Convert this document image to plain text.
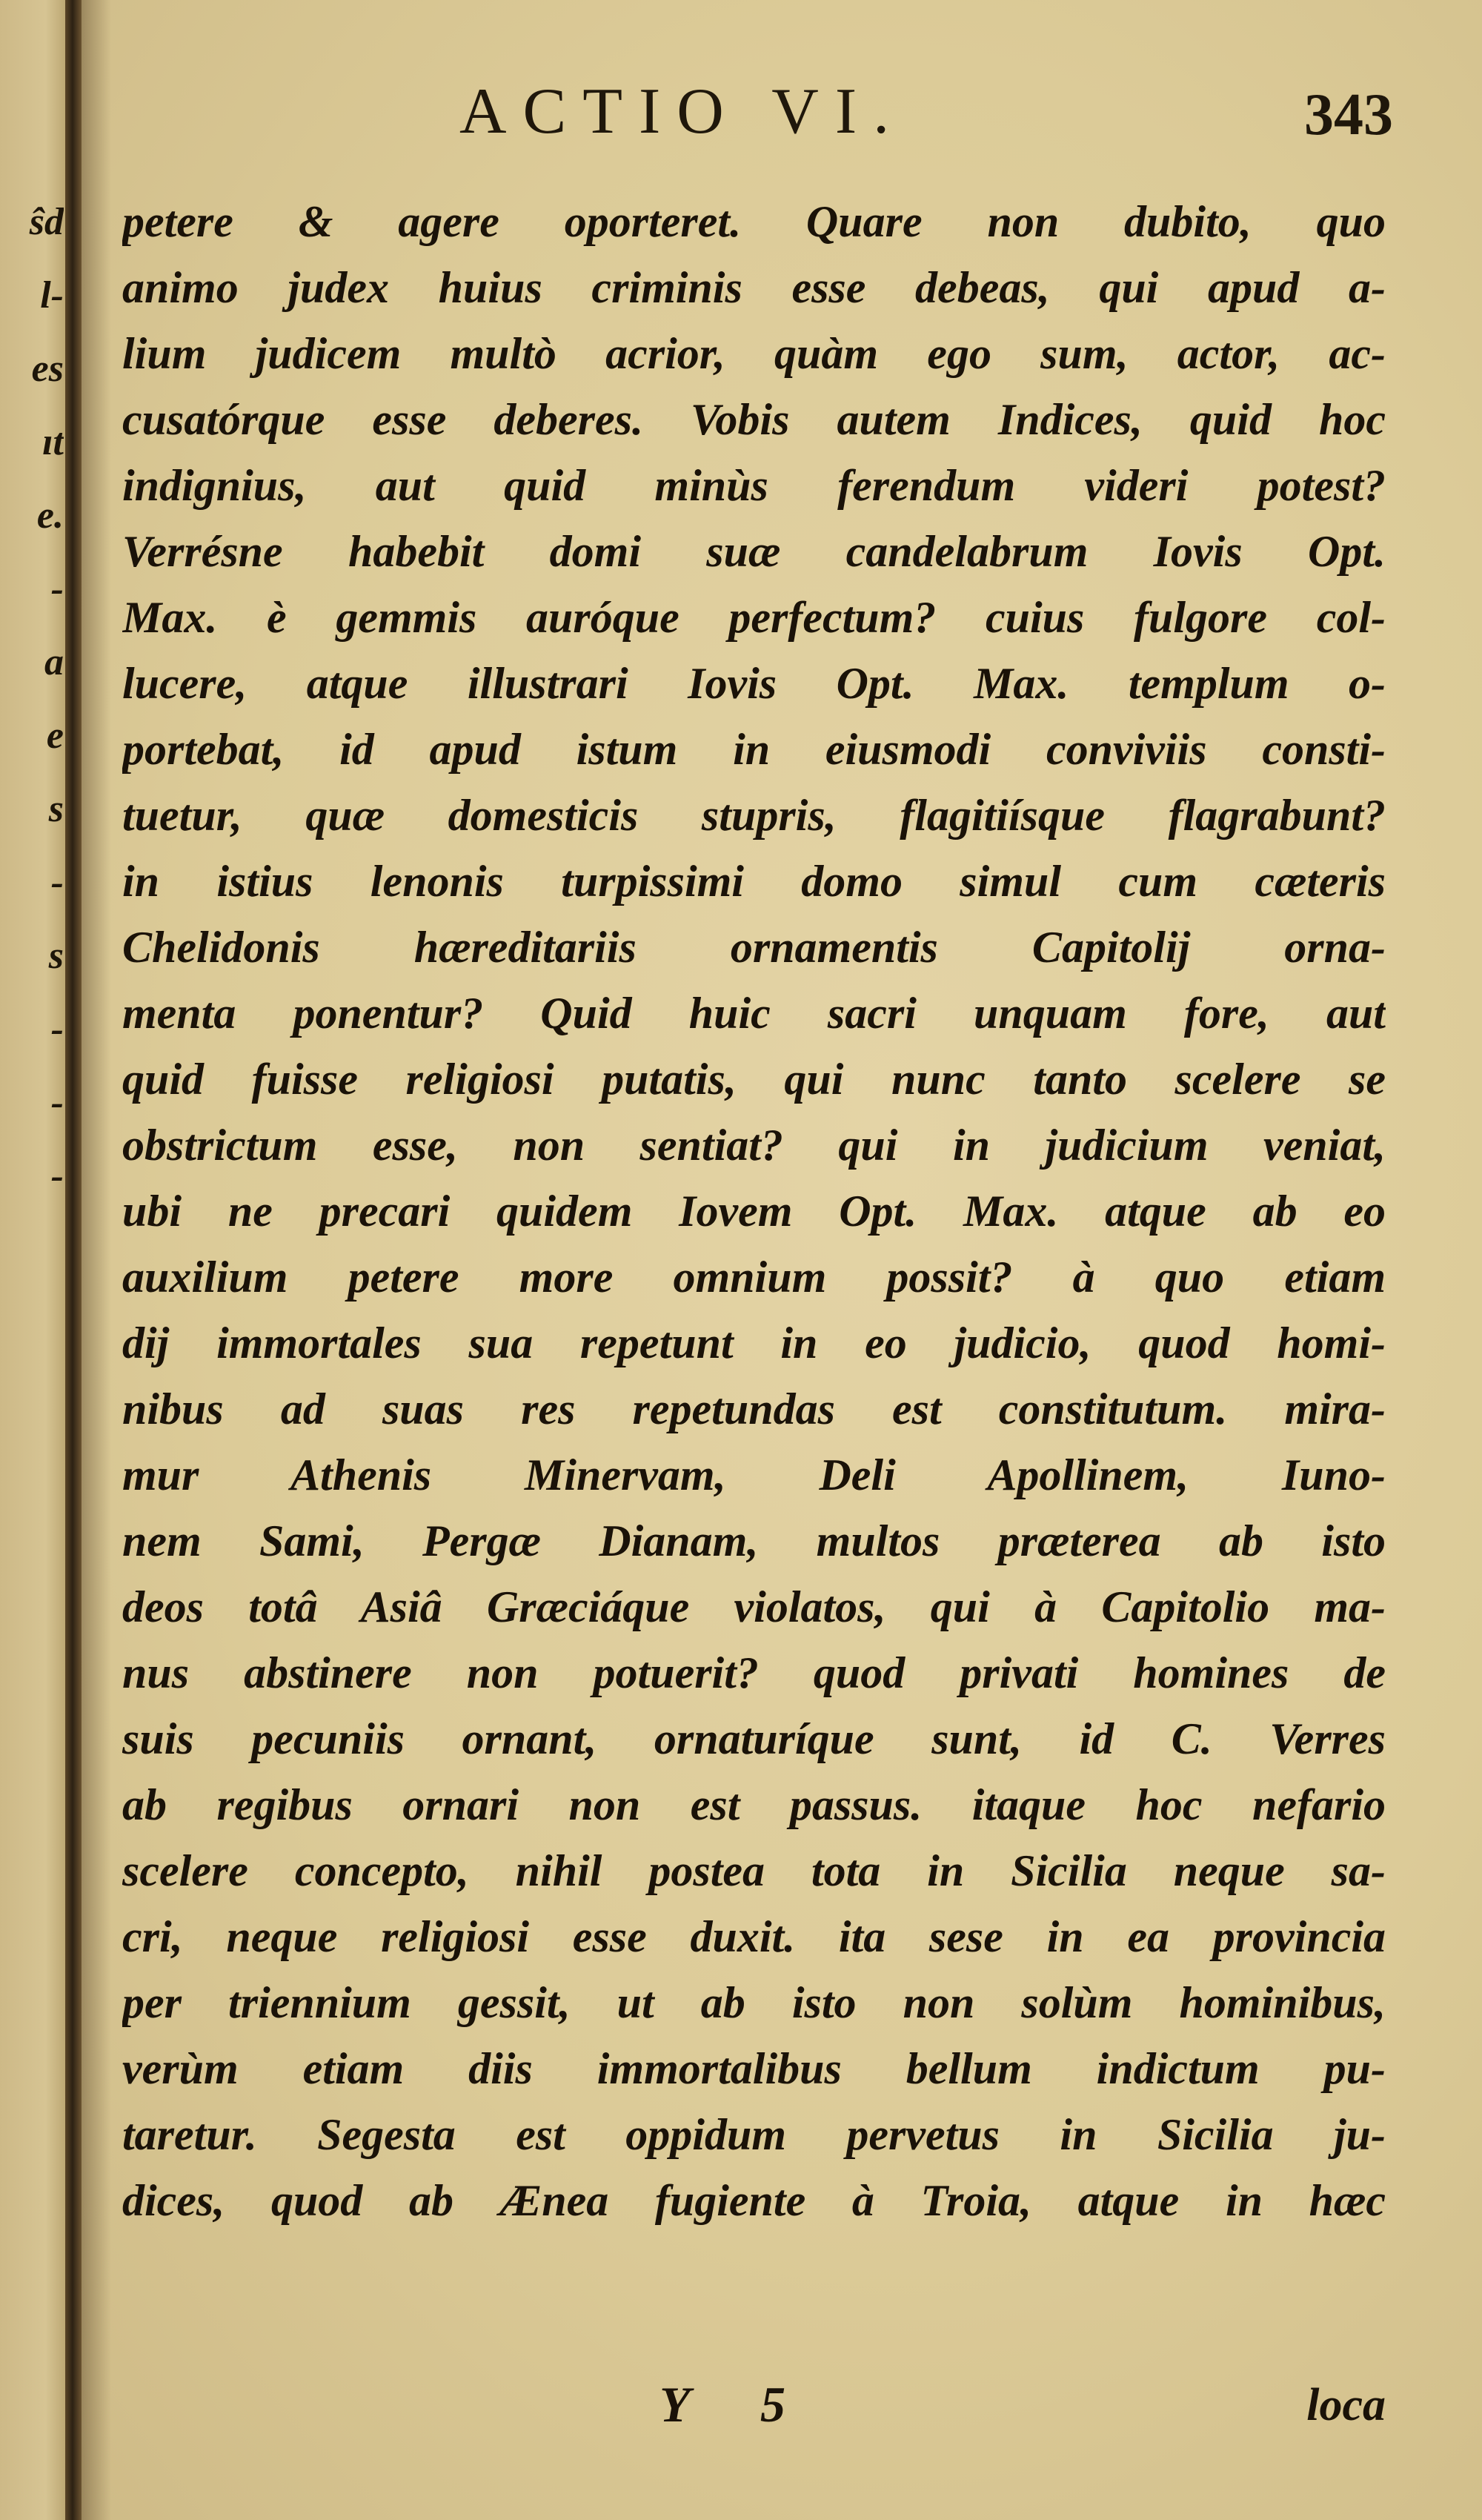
ŝd
l-
es
ıt
e.
-
a
e
s
-
s
-
-
-
ACTIO VI.	343
petere & agere oporteret. Quare non dubito, quo
animo judex huius criminis esse debeas, qui apud a-
lium judicem multò acrior, quàm ego sum, actor, ac-
cusatórque esse deberes. Vobis autem Indices, quid hoc
indignius, aut quid minùs ferendum videri potest?
Verrésne habebit domi suæ candelabrum Iovis Opt.
Max. è gemmis auróque perfectum? cuius fulgore col-
lucere, atque illustrari Iovis Opt. Max. templum o-
portebat, id apud istum in eiusmodi conviviis consti-
tuetur, quæ domesticis stupris, flagitiísque flagrabunt?
in istius lenonis turpissimi domo simul cum cæteris
Chelidonis hæreditariis ornamentis Capitolij orna-
menta ponentur? Quid huic sacri unquam fore, aut
quid fuisse religiosi putatis, qui nunc tanto scelere se
obstrictum esse, non sentiat? qui in judicium veniat,
ubi ne precari quidem Iovem Opt. Max. atque ab eo
auxilium petere more omnium possit? à quo etiam
dij immortales sua repetunt in eo judicio, quod homi-
nibus ad suas res repetundas est constitutum. mira-
mur Athenis Minervam, Deli Apollinem, Iuno-
nem Sami, Pergæ Dianam, multos præterea ab isto
deos totâ Asiâ Græciáque violatos, qui à Capitolio ma-
nus abstinere non potuerit? quod privati homines de
suis pecuniis ornant, ornaturíque sunt, id C. Verres
ab regibus ornari non est passus. itaque hoc nefario
scelere concepto, nihil postea tota in Sicilia neque sa-
cri, neque religiosi esse duxit. ita sese in ea provincia
per triennium gessit, ut ab isto non solùm hominibus,
verùm etiam diis immortalibus bellum indictum pu-
taretur. Segesta est oppidum pervetus in Sicilia ju-
dices, quod ab Ænea fugiente à Troia, atque in hæc
Y 5	loca
